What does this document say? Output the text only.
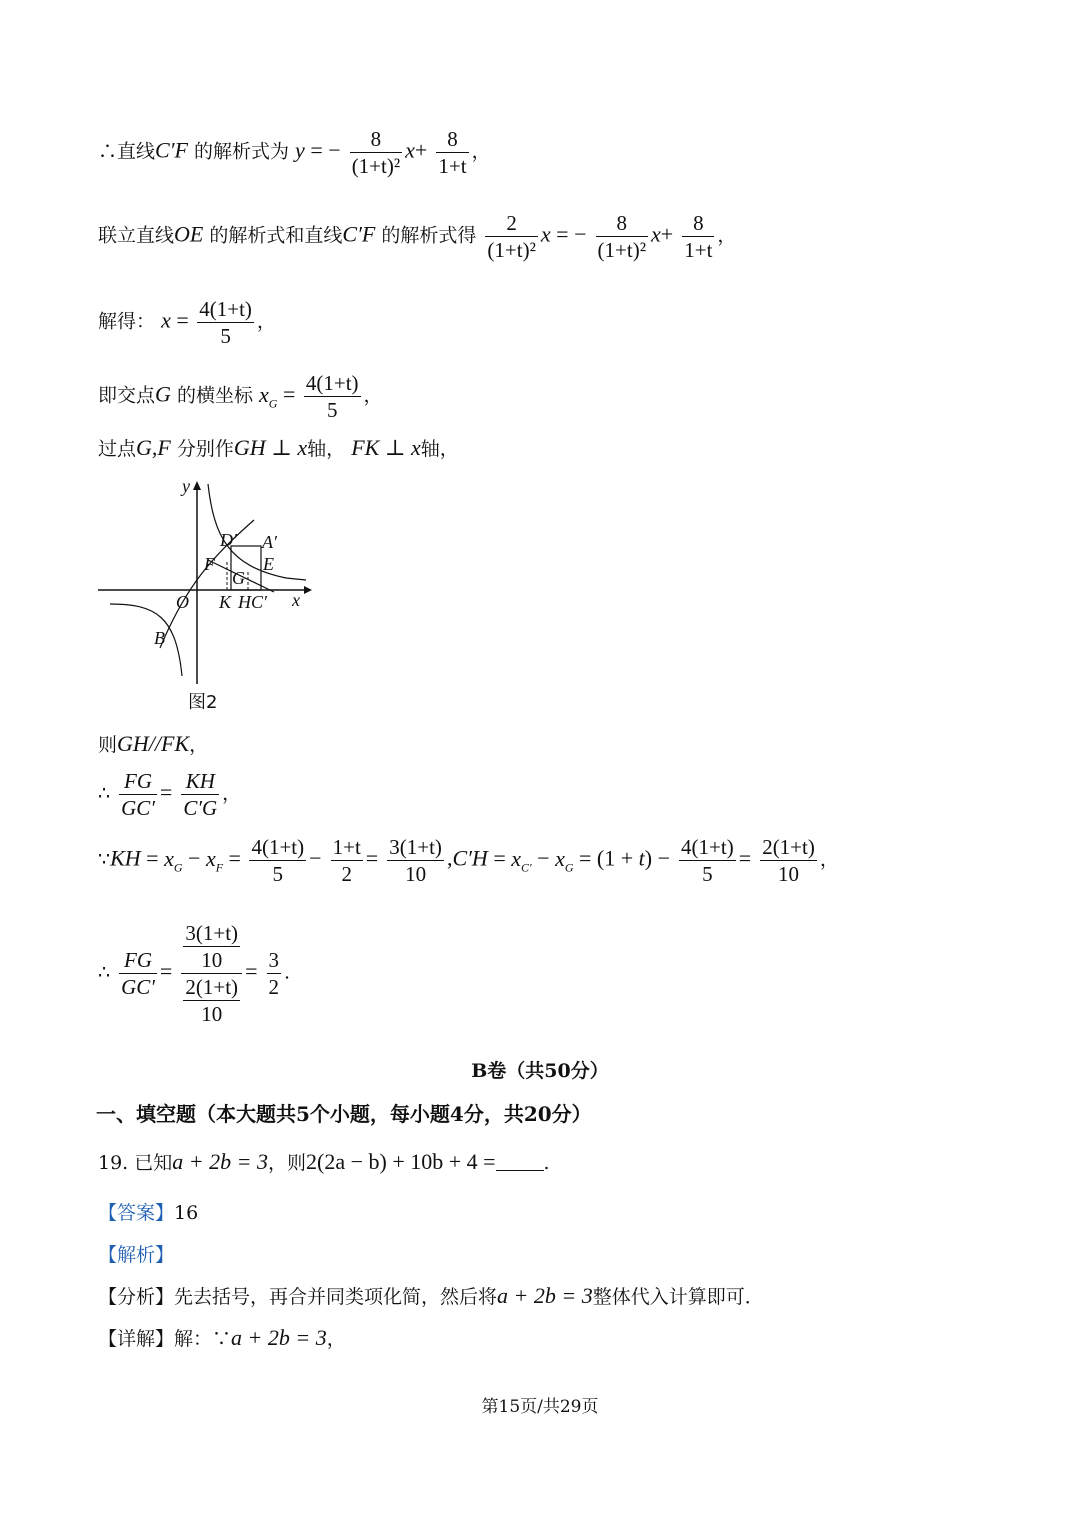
∴直线C′F 的解析式为 y = − $\frac{8}{\text{(1+t)²}} x+ \frac{8}{1+t}$ ，
联立直线OE 的解析式和直线C′F 的解析式得 $\frac{2}{\text{(1+t)²}}$ x = − $\frac{8}{\text{(1+t)²}} x+ \frac{8}{1+t}$ ，
解得： $x = \frac{4(1+t)}{5}$ ，
即交点G 的横坐标 $x_G = \frac{4(1+t)}{5}$ ，
过点G,F 分别作GH ⊥ x轴， FK ⊥ x轴，
y
D′ A′
F	E
G
O K HC′ x
B
图2
则GH//FK，
∴ $\frac{FG}{GC'} = \frac{KH}{C'G}$ ，
∵KH = $x_G - x_F = \frac{4(1+t)}{5} - \frac{1+t}{2} = \frac{3(1+t)}{10} ,C'H = x_{C'} - x_G = (1 + t) - \frac{4(1+t)}{5} = \frac{2(1+t)}{10}$ ，
∴ $\frac{FG}{GC'} = \frac{\frac{3(1+t)}{10}}{\frac{2(1+t)}{10}} = \frac{3}{2}$ .
B卷（共50分）
一、填空题（本大题共5个小题，每小题4分，共20分）
19. 已知a + 2b = 3，则2(2a − b) + 10b + 4 =	.
【答案】16
【解析】
【分析】先去括号，再合并同类项化简，然后将a + 2b = 3整体代入计算即可．
【详解】解：∵a + 2b = 3，
第15页/共29页
